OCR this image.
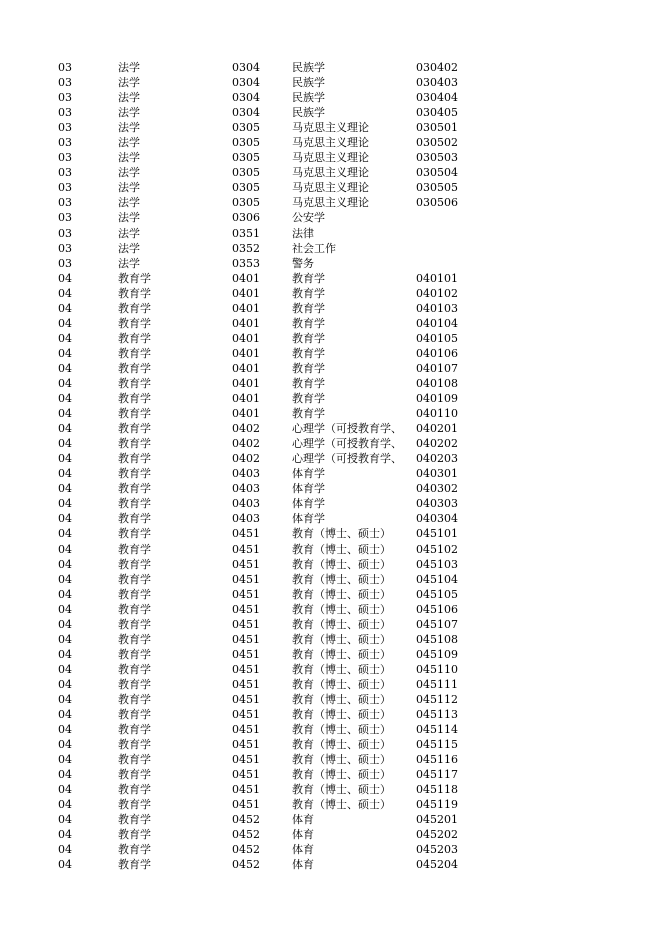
03	法学	0304	民族学	030402
03	法学	0304	民族学	030403
03	法学	0304	民族学	030404
03	法学	0304	民族学	030405
03	法学	0305	马克思主义理论	030501
03	法学	0305	马克思主义理论	030502
03	法学	0305	马克思主义理论	030503
03	法学	0305	马克思主义理论	030504
03	法学	0305	马克思主义理论	030505
03	法学	0305	马克思主义理论	030506
03	法学	0306	公安学
03	法学	0351	法律
03	法学	0352	社会工作
03	法学	0353	警务
04	教育学	0401	教育学	040101
04	教育学	0401	教育学	040102
04	教育学	0401	教育学	040103
04	教育学	0401	教育学	040104
04	教育学	0401	教育学	040105
04	教育学	0401	教育学	040106
04	教育学	0401	教育学	040107
04	教育学	0401	教育学	040108
04	教育学	0401	教育学	040109
04	教育学	0401	教育学	040110
04	教育学	0402	心理学（可授教育学、	040201
04	教育学	0402	心理学（可授教育学、	040202
04	教育学	0402	心理学（可授教育学、	040203
04	教育学	0403	体育学	040301
04	教育学	0403	体育学	040302
04	教育学	0403	体育学	040303
04	教育学	0403	体育学	040304
04	教育学	0451	教育（博士、硕士）	045101
04	教育学	0451	教育（博士、硕士）	045102
04	教育学	0451	教育（博士、硕士）	045103
04	教育学	0451	教育（博士、硕士）	045104
04	教育学	0451	教育（博士、硕士）	045105
04	教育学	0451	教育（博士、硕士）	045106
04	教育学	0451	教育（博士、硕士）	045107
04	教育学	0451	教育（博士、硕士）	045108
04	教育学	0451	教育（博士、硕士）	045109
04	教育学	0451	教育（博士、硕士）	045110
04	教育学	0451	教育（博士、硕士）	045111
04	教育学	0451	教育（博士、硕士）	045112
04	教育学	0451	教育（博士、硕士）	045113
04	教育学	0451	教育（博士、硕士）	045114
04	教育学	0451	教育（博士、硕士）	045115
04	教育学	0451	教育（博士、硕士）	045116
04	教育学	0451	教育（博士、硕士）	045117
04	教育学	0451	教育（博士、硕士）	045118
04	教育学	0451	教育（博士、硕士）	045119
04	教育学	0452	体育	045201
04	教育学	0452	体育	045202
04	教育学	0452	体育	045203
04	教育学	0452	体育	045204
